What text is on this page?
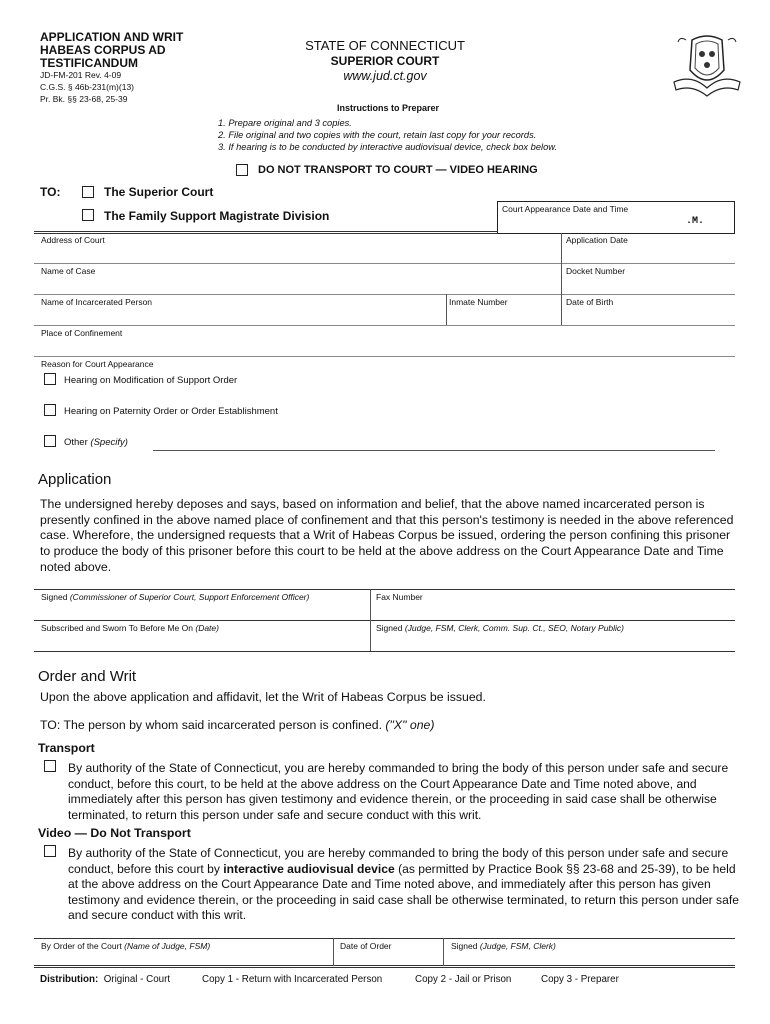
APPLICATION AND WRIT
HABEAS CORPUS AD
TESTIFICANDUM
JD-FM-201 Rev. 4-09
C.G.S. § 46b-231(m)(13)
Pr. Bk. §§ 23-68, 25-39
STATE OF CONNECTICUT
SUPERIOR COURT
www.jud.ct.gov
Instructions to Preparer
1. Prepare original and 3 copies.
2. File original and two copies with the court, retain last copy for your records.
3. If hearing is to be conducted by interactive audiovisual device, check box below.
DO NOT TRANSPORT TO COURT — VIDEO HEARING
TO:	The Superior Court
The Family Support Magistrate Division	Court Appearance Date and Time
.M.
Address of Court	Application Date
Name of Case	Docket Number
Name of Incarcerated Person	Inmate Number	Date of Birth
Place of Confinement
Reason for Court Appearance
Hearing on Modification of Support Order
Hearing on Paternity Order or Order Establishment
Other (Specify)
Application
The undersigned hereby deposes and says, based on information and belief, that the above named incarcerated person is presently confined in the above named place of confinement and that this person's testimony is needed in the above referenced case. Wherefore, the undersigned requests that a Writ of Habeas Corpus be issued, ordering the person confining this prisoner to produce the body of this prisoner before this court to be held at the above address on the Court Appearance Date and Time noted above.
Signed (Commissioner of Superior Court, Support Enforcement Officer)	Fax Number
Subscribed and Sworn To Before Me On (Date)	Signed (Judge, FSM, Clerk, Comm. Sup. Ct., SEO, Notary Public)
Order and Writ
Upon the above application and affidavit, let the Writ of Habeas Corpus be issued.
TO: The person by whom said incarcerated person is confined. ("X" one)
Transport
By authority of the State of Connecticut, you are hereby commanded to bring the body of this person under safe and secure conduct, before this court, to be held at the above address on the Court Appearance Date and Time noted above, and immediately after this person has given testimony and evidence therein, or the proceeding in said case shall be otherwise terminated, to return this person under safe and secure conduct with this writ.
Video — Do Not Transport
By authority of the State of Connecticut, you are hereby commanded to bring the body of this person under safe and secure conduct, before this court by interactive audiovisual device (as permitted by Practice Book §§ 23-68 and 25-39), to be held at the above address on the Court Appearance Date and Time noted above, and immediately after this person has given testimony and evidence therein, or the proceeding in said case shall be otherwise terminated, to return this person under safe and secure conduct with this writ.
By Order of the Court (Name of Judge, FSM)	Date of Order	Signed (Judge, FSM, Clerk)
Distribution: Original - Court	Copy 1 - Return with Incarcerated Person	Copy 2 - Jail or Prison	Copy 3 - Preparer
